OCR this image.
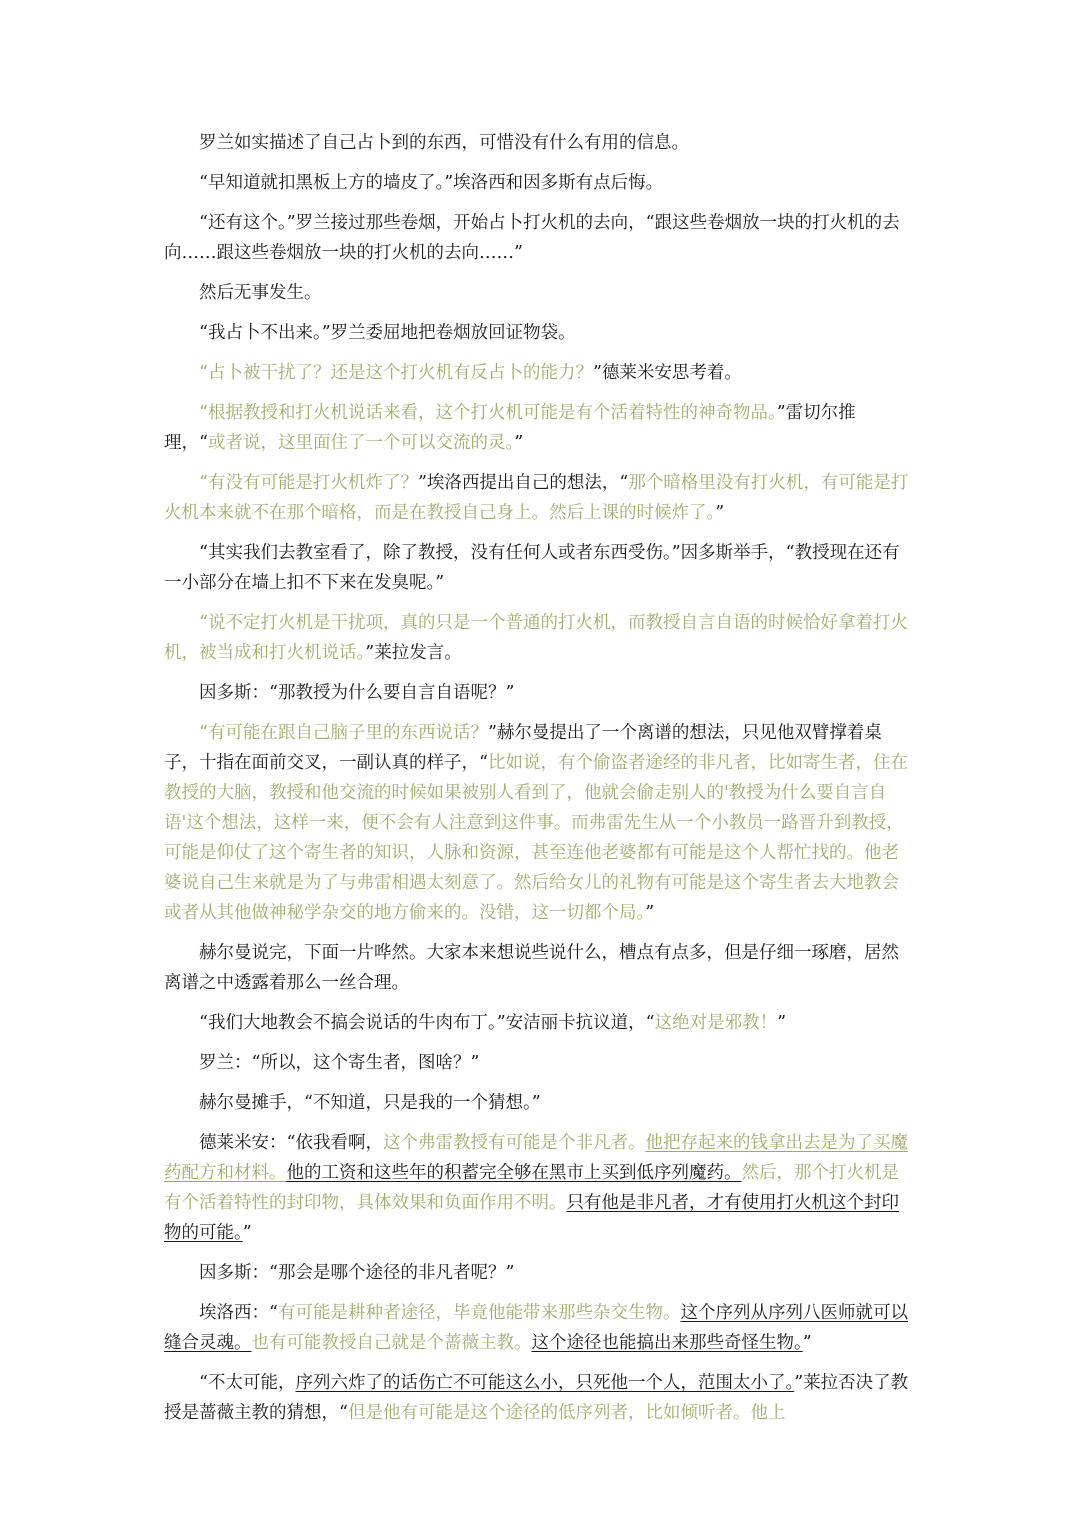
罗兰如实描述了自己占卜到的东西，可惜没有什么有用的信息。

“早知道就扣黑板上方的墙皮了。”埃洛西和因多斯有点后悔。

“还有这个。”罗兰接过那些卷烟，开始占卜打火机的去向，“跟这些卷烟放一块的打火机的去向……跟这些卷烟放一块的打火机的去向……”

然后无事发生。

“我占卜不出来。”罗兰委屈地把卷烟放回证物袋。

“占卜被干扰了？还是这个打火机有反占卜的能力？”德莱米安思考着。

“根据教授和打火机说话来看，这个打火机可能是有个活着特性的神奇物品。”雷切尔推理，“或者说，这里面住了一个可以交流的灵。”

“有没有可能是打火机炸了？”埃洛西提出自己的想法，“那个暗格里没有打火机，有可能是打火机本来就不在那个暗格，而是在教授自己身上。然后上课的时候炸了。”

“其实我们去教室看了，除了教授，没有任何人或者东西受伤。”因多斯举手，“教授现在还有一小部分在墙上扣不下来在发臭呢。”

“说不定打火机是干扰项，真的只是一个普通的打火机，而教授自言自语的时候恰好拿着打火机，被当成和打火机说话。”莱拉发言。

因多斯：“那教授为什么要自言自语呢？”

“有可能在跟自己脑子里的东西说话？”赫尔曼提出了一个离谱的想法，只见他双臂撑着桌子，十指在面前交叉，一副认真的样子，“比如说，有个偷盗者途经的非凡者，比如寄生者，住在教授的大脑，教授和他交流的时候如果被别人看到了，他就会偷走别人的'教授为什么要自言自语'这个想法，这样一来，便不会有人注意到这件事。而弗雷先生从一个小教员一路晋升到教授，可能是仰仗了这个寄生者的知识，人脉和资源，甚至连他老婆都有可能是这个人帮忙找的。他老婆说自己生来就是为了与弗雷相遇太刻意了。然后给女儿的礼物有可能是这个寄生者去大地教会或者从其他做神秘学杂交的地方偷来的。没错，这一切都个局。”

赫尔曼说完，下面一片哗然。大家本来想说些说什么，槽点有点多，但是仔细一琢磨，居然离谱之中透露着那么一丝合理。

“我们大地教会不搞会说话的牛肉布丁。”安洁丽卡抗议道，“这绝对是邪教！”

罗兰：“所以，这个寄生者，图啥？”

赫尔曼摊手，“不知道，只是我的一个猜想。”

德莱米安：“依我看啊，这个弗雷教授有可能是个非凡者。他把存起来的钱拿出去是为了买魔药配方和材料。他的工资和这些年的积蓄完全够在黑市上买到低序列魔药。然后，那个打火机是有个活着特性的封印物，具体效果和负面作用不明。只有他是非凡者，才有使用打火机这个封印物的可能。”

因多斯：“那会是哪个途径的非凡者呢？”

埃洛西：“有可能是耕种者途径，毕竟他能带来那些杂交生物。这个序列从序列八医师就可以缝合灵魂。也有可能教授自己就是个蔷薇主教。这个途径也能搞出来那些奇怪生物。”

“不太可能，序列六炸了的话伤亡不可能这么小，只死他一个人，范围太小了。”莱拉否决了教授是蔷薇主教的猜想，“但是他有可能是这个途径的低序列者，比如倾听者。他上
